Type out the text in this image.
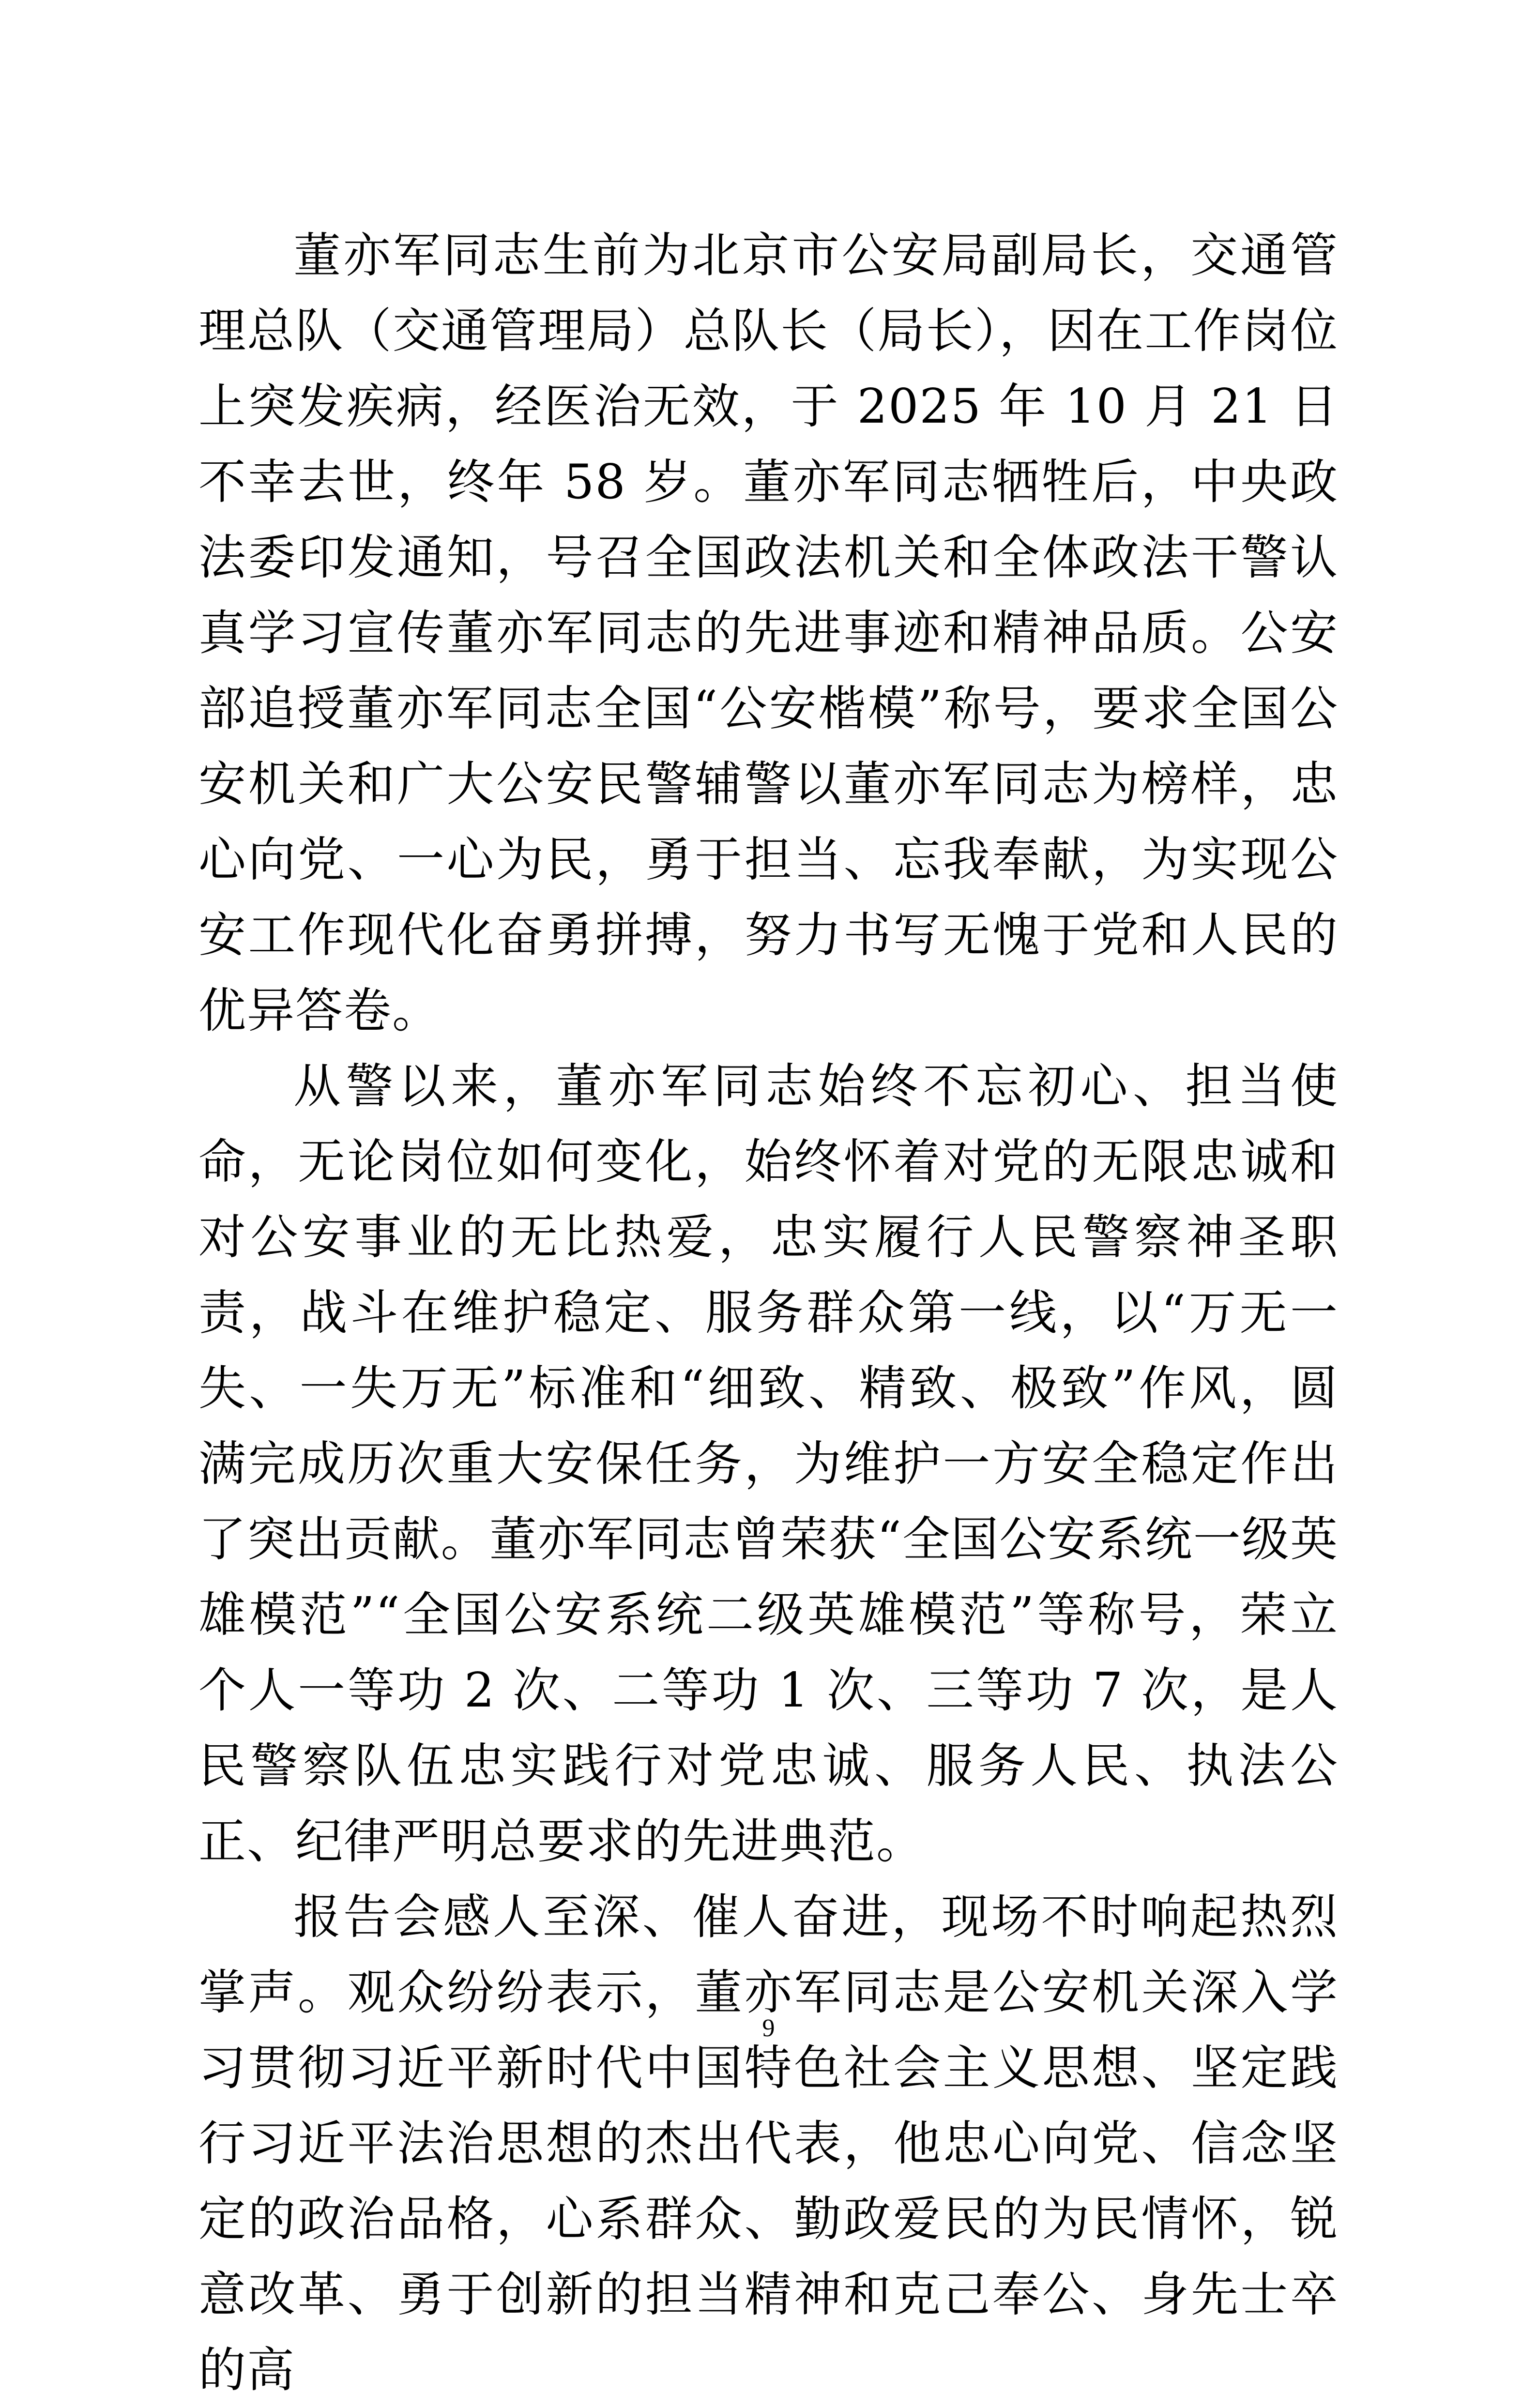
董亦军同志生前为北京市公安局副局长，交通管理总队（交通管理局）总队长（局长），因在工作岗位上突发疾病，经医治无效，于 2025 年 10 月 21 日不幸去世，终年 58 岁。董亦军同志牺牲后，中央政法委印发通知，号召全国政法机关和全体政法干警认真学习宣传董亦军同志的先进事迹和精神品质。公安部追授董亦军同志全国“公安楷模”称号，要求全国公安机关和广大公安民警辅警以董亦军同志为榜样，忠心向党、一心为民，勇于担当、忘我奉献，为实现公安工作现代化奋勇拼搏，努力书写无愧于党和人民的优异答卷。

从警以来，董亦军同志始终不忘初心、担当使命，无论岗位如何变化，始终怀着对党的无限忠诚和对公安事业的无比热爱，忠实履行人民警察神圣职责，战斗在维护稳定、服务群众第一线，以“万无一失、一失万无”标准和“细致、精致、极致”作风，圆满完成历次重大安保任务，为维护一方安全稳定作出了突出贡献。董亦军同志曾荣获“全国公安系统一级英雄模范”“全国公安系统二级英雄模范”等称号，荣立个人一等功 2 次、二等功 1 次、三等功 7 次，是人民警察队伍忠实践行对党忠诚、服务人民、执法公正、纪律严明总要求的先进典范。

报告会感人至深、催人奋进，现场不时响起热烈掌声。观众纷纷表示，董亦军同志是公安机关深入学习贯彻习近平新时代中国特色社会主义思想、坚定践行习近平法治思想的杰出代表，他忠心向党、信念坚定的政治品格，心系群众、勤政爱民的为民情怀，锐意改革、勇于创新的担当精神和克己奉公、身先士卒的高

9
